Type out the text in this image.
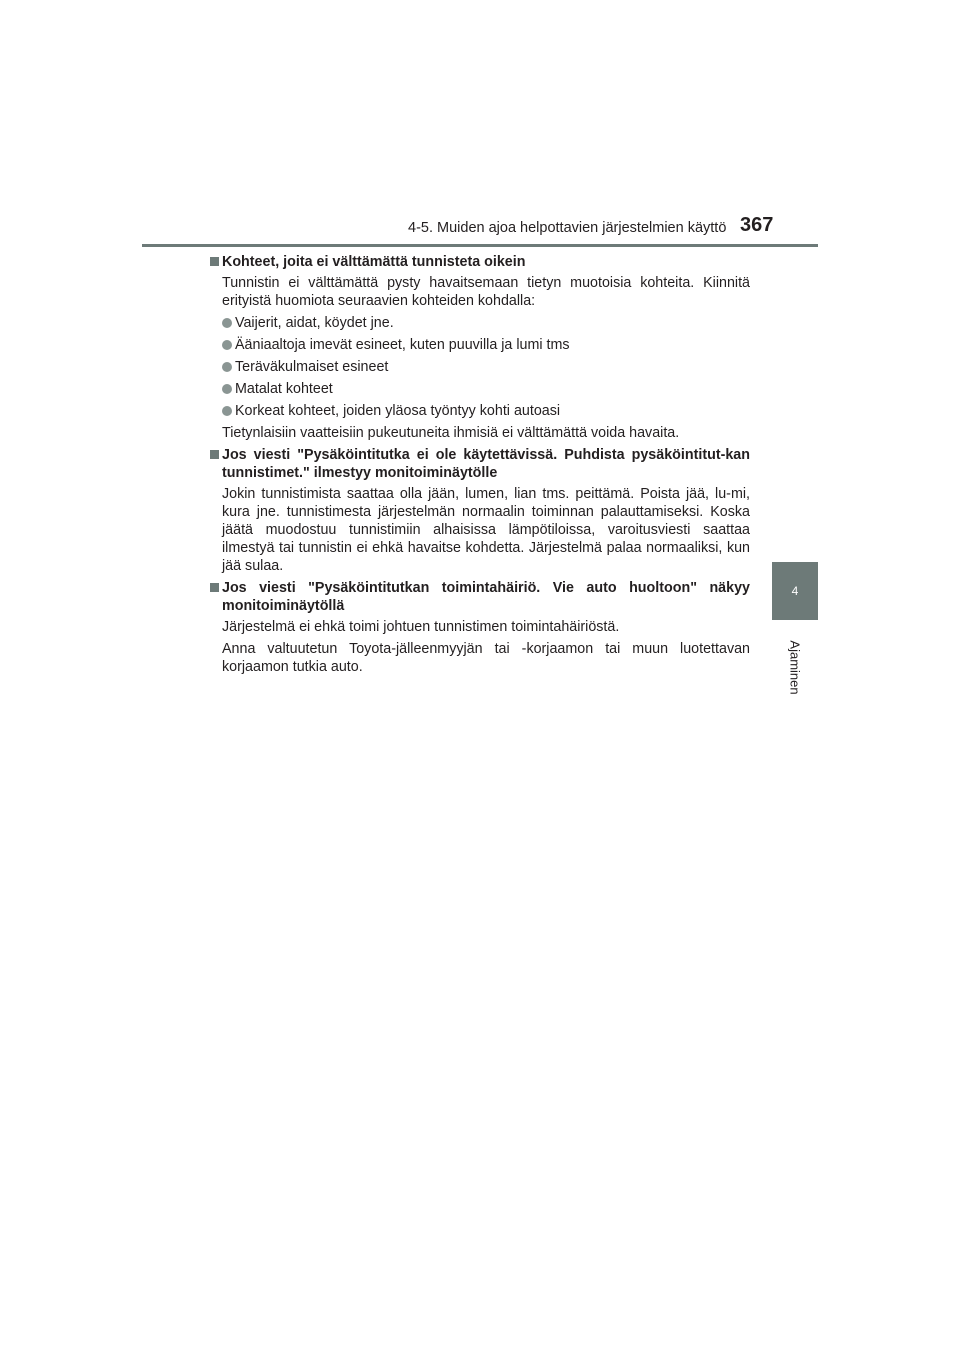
4-5. Muiden ajoa helpottavien järjestelmien käyttö 367
4
Ajaminen
Kohteet, joita ei välttämättä tunnisteta oikein

Tunnistin ei välttämättä pysty havaitsemaan tietyn muotoisia kohteita. Kiinnitä erityistä huomiota seuraavien kohteiden kohdalla:

Vaijerit, aidat, köydet jne.
Ääniaaltoja imevät esineet, kuten puuvilla ja lumi tms
Teräväkulmaiset esineet
Matalat kohteet
Korkeat kohteet, joiden yläosa työntyy kohti autoasi

Tietynlaisiin vaatteisiin pukeutuneita ihmisiä ei välttämättä voida havaita.

Jos viesti "Pysäköintitutka ei ole käytettävissä. Puhdista pysäköintitut-kan tunnistimet." ilmestyy monitoiminäytölle

Jokin tunnistimista saattaa olla jään, lumen, lian tms. peittämä. Poista jää, lu-mi, kura jne. tunnistimesta järjestelmän normaalin toiminnan palauttamiseksi. Koska jäätä muodostuu tunnistimiin alhaisissa lämpötiloissa, varoitusviesti saattaa ilmestyä tai tunnistin ei ehkä havaitse kohdetta. Järjestelmä palaa normaaliksi, kun jää sulaa.

Jos viesti "Pysäköintitutkan toimintahäiriö. Vie auto huoltoon" näkyy monitoiminäytöllä

Järjestelmä ei ehkä toimi johtuen tunnistimen toimintahäiriöstä.

Anna valtuutetun Toyota-jälleenmyyjän tai -korjaamon tai muun luotettavan korjaamon tutkia auto.
